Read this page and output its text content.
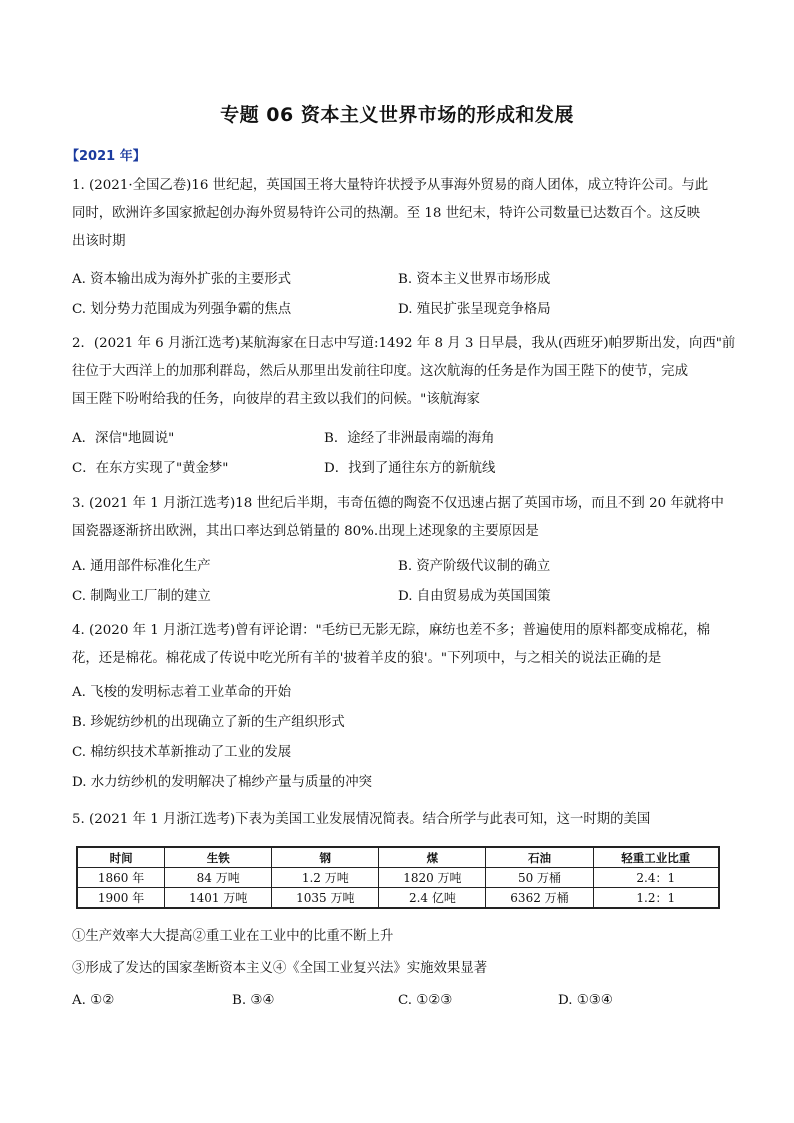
专题 06 资本主义世界市场的形成和发展
【2021 年】
1. (2021·全国乙卷)16 世纪起，英国国王将大量特许状授予从事海外贸易的商人团体，成立特许公司。与此
同时，欧洲许多国家掀起创办海外贸易特许公司的热潮。至 18 世纪末，特许公司数量已达数百个。这反映
出该时期
A. 资本输出成为海外扩张的主要形式	B. 资本主义世界市场形成
C. 划分势力范围成为列强争霸的焦点	D. 殖民扩张呈现竞争格局
2．(2021 年 6 月浙江选考)某航海家在日志中写道:1492 年 8 月 3 日早晨，我从(西班牙)帕罗斯出发，向西"前
往位于大西洋上的加那利群岛，然后从那里出发前往印度。这次航海的任务是作为国王陛下的使节，完成
国王陛下吩咐给我的任务，向彼岸的君主致以我们的问候。"该航海家
A．深信"地圆说"	B．途经了非洲最南端的海角
C．在东方实现了"黄金梦"	D．找到了通往东方的新航线
3. (2021 年 1 月浙江选考)18 世纪后半期，韦奇伍德的陶瓷不仅迅速占据了英国市场，而且不到 20 年就将中
国瓷器逐渐挤出欧洲，其出口率达到总销量的 80%.出现上述现象的主要原因是
A. 通用部件标准化生产	B. 资产阶级代议制的确立
C. 制陶业工厂制的建立	D. 自由贸易成为英国国策
4. (2020 年 1 月浙江选考)曾有评论谓："毛纺已无影无踪，麻纺也差不多；普遍使用的原料都变成棉花，棉
花，还是棉花。棉花成了传说中吃光所有羊的'披着羊皮的狼'。"下列项中，与之相关的说法正确的是
A. 飞梭的发明标志着工业革命的开始
B. 珍妮纺纱机的出现确立了新的生产组织形式
C. 棉纺织技术革新推动了工业的发展
D. 水力纺纱机的发明解决了棉纱产量与质量的冲突
5. (2021 年 1 月浙江选考)下表为美国工业发展情况简表。结合所学与此表可知，这一时期的美国
时间	生铁	钢	煤	石油	轻重工业比重
1860 年	84 万吨	1.2 万吨	1820 万吨	50 万桶	2.4：1
1900 年	1401 万吨	1035 万吨	2.4 亿吨	6362 万桶	1.2：1
①生产效率大大提高②重工业在工业中的比重不断上升
③形成了发达的国家垄断资本主义④《全国工业复兴法》实施效果显著
A. ①②	B. ③④	C. ①②③	D. ①③④
